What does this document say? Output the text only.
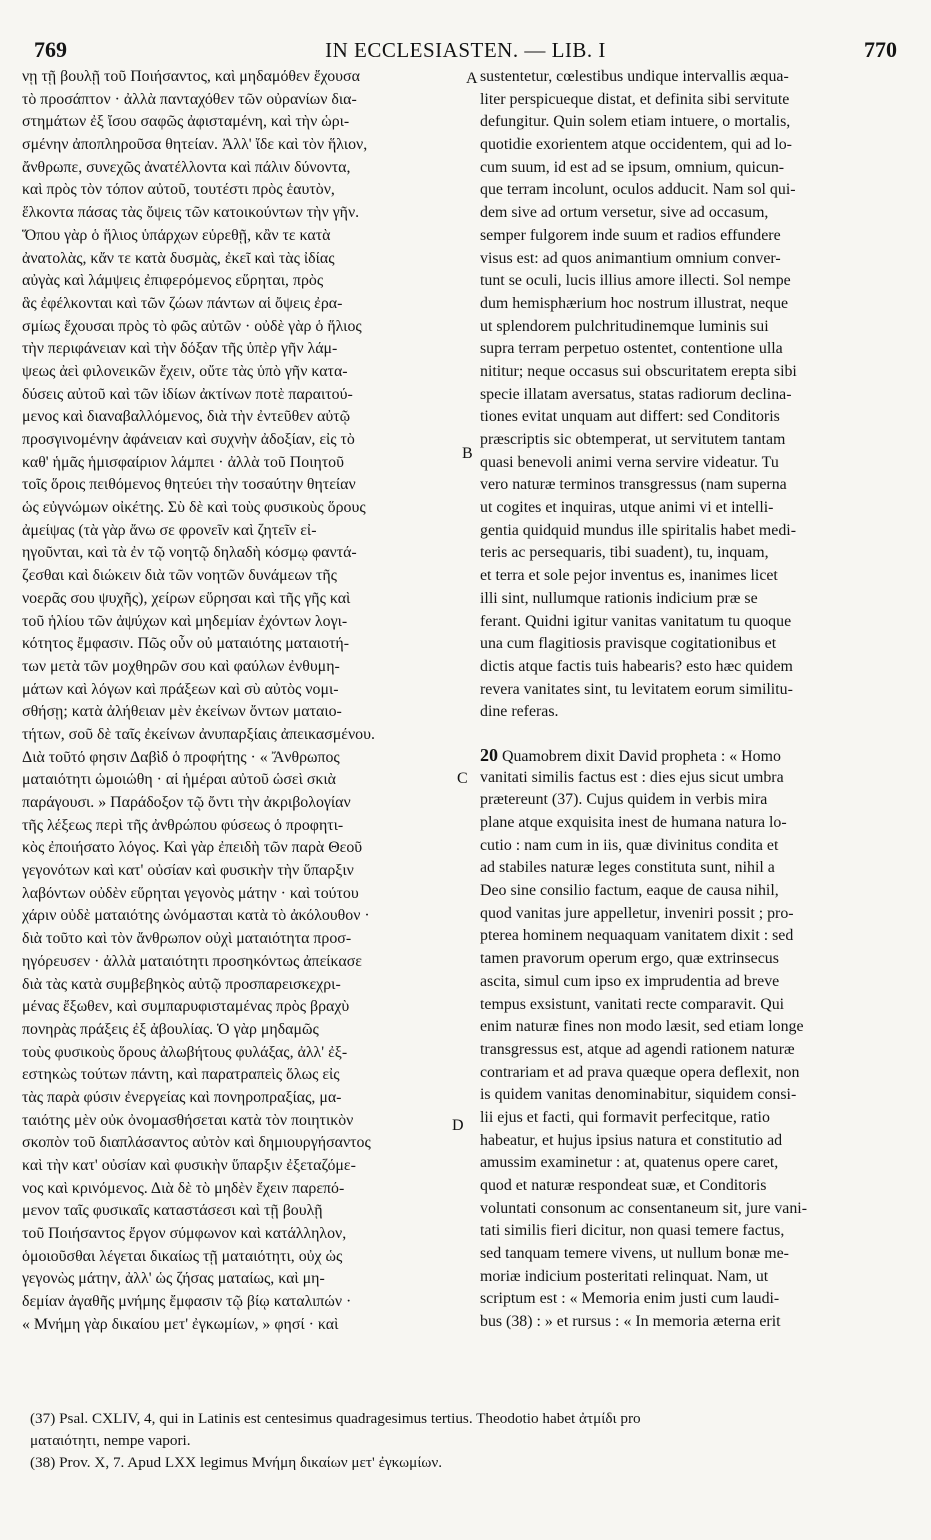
769	IN ECCLESIASTEN. — LIB. I	770
νῃ τῇ βουλῇ τοῦ Ποιήσαντος, καὶ μηδαμόθεν ἔχουσα
τὸ προσάπτον · ἀλλὰ πανταχόθεν τῶν οὐρανίων δια-
στημάτων ἐξ ἴσου σαφῶς ἀφισταμένη, καὶ τὴν ὡρι-
σμένην ἀποπληροῦσα θητείαν. Ἀλλ' ἴδε καὶ τὸν ἥλιον,
ἄνθρωπε, συνεχῶς ἀνατέλλοντα καὶ πάλιν δύνοντα,
καὶ πρὸς τὸν τόπον αὐτοῦ, τουτέστι πρὸς ἑαυτὸν,
ἕλκοντα πάσας τὰς ὄψεις τῶν κατοικούντων τὴν γῆν.
Ὅπου γὰρ ὁ ἥλιος ὑπάρχων εὑρεθῇ, κἂν τε κατὰ
ἀνατολὰς, κἄν τε κατὰ δυσμὰς, ἐκεῖ καὶ τὰς ἰδίας
αὐγὰς καὶ λάμψεις ἐπιφερόμενος εὕρηται, πρὸς
ἃς ἐφέλκονται καὶ τῶν ζώων πάντων αἱ ὄψεις ἐρα-
σμίως ἔχουσαι πρὸς τὸ φῶς αὐτῶν · οὐδὲ γὰρ ὁ ἥλιος
τὴν περιφάνειαν καὶ τὴν δόξαν τῆς ὑπὲρ γῆν λάμ-
ψεως ἀεὶ φιλονεικῶν ἔχειν, οὔτε τὰς ὑπὸ γῆν κατα-
δύσεις αὐτοῦ καὶ τῶν ἰδίων ἀκτίνων ποτὲ παραιτού-
μενος καὶ διαναβαλλόμενος, διὰ τὴν ἐντεῦθεν αὐτῷ
προσγινομένην ἀφάνειαν καὶ συχνὴν ἀδοξίαν, εἰς τὸ
καθ' ἡμᾶς ἡμισφαίριον λάμπει · ἀλλὰ τοῦ Ποιητοῦ
τοῖς ὅροις πειθόμενος θητεύει τὴν τοσαύτην θητείαν
ὡς εὐγνώμων οἰκέτης. Σὺ δὲ καὶ τοὺς φυσικοὺς ὅρους
ἀμείψας (τὰ γὰρ ἄνω σε φρονεῖν καὶ ζητεῖν εἰ-
ηγοῦνται, καὶ τὰ ἐν τῷ νοητῷ δηλαδὴ κόσμῳ φαντά-
ζεσθαι καὶ διώκειν διὰ τῶν νοητῶν δυνάμεων τῆς
νοερᾶς σου ψυχῆς), χείρων εὕρησαι καὶ τῆς γῆς καὶ
τοῦ ἡλίου τῶν ἀψύχων καὶ μηδεμίαν ἐχόντων λογι-
κότητος ἔμφασιν. Πῶς οὖν οὐ ματαιότης ματαιοτή-
των μετὰ τῶν μοχθηρῶν σου καὶ φαύλων ἐνθυμη-
μάτων καὶ λόγων καὶ πράξεων καὶ σὺ αὐτὸς νομι-
σθήσῃ; κατὰ ἀλήθειαν μὲν ἐκείνων ὄντων ματαιο-
τήτων, σοῦ δὲ ταῖς ἐκείνων ἀνυπαρξίαις ἀπεικασμένου.
Διὰ τοῦτό φησιν Δαβὶδ ὁ προφήτης · « Ἄνθρωπος
ματαιότητι ὡμοιώθη · αἱ ἡμέραι αὐτοῦ ὡσεὶ σκιὰ
παράγουσι. » Παράδοξον τῷ ὄντι τὴν ἀκριβολογίαν
τῆς λέξεως περὶ τῆς ἀνθρώπου φύσεως ὁ προφητι-
κὸς ἐποιήσατο λόγος. Καὶ γὰρ ἐπειδὴ τῶν παρὰ Θεοῦ
γεγονότων καὶ κατ' οὐσίαν καὶ φυσικὴν τὴν ὕπαρξιν
λαβόντων οὐδὲν εὕρηται γεγονὸς μάτην · καὶ τούτου
χάριν οὐδὲ ματαιότης ὠνόμασται κατὰ τὸ ἀκόλουθον ·
διὰ τοῦτο καὶ τὸν ἄνθρωπον οὐχὶ ματαιότητα προσ-
ηγόρευσεν · ἀλλὰ ματαιότητι προσηκόντως ἀπείκασε
διὰ τὰς κατὰ συμβεβηκὸς αὐτῷ προσπαρεισκεχρι-
μένας ἔξωθεν, καὶ συμπαρυφισταμένας πρὸς βραχὺ
πονηρὰς πράξεις ἐξ ἀβουλίας. Ὁ γὰρ μηδαμῶς
τοὺς φυσικοὺς ὅρους ἀλωβήτους φυλάξας, ἀλλ' ἐξ-
εστηκὼς τούτων πάντη, καὶ παρατραπεὶς ὅλως εἰς
τὰς παρὰ φύσιν ἐνεργείας καὶ πονηροπραξίας, μα-
ταιότης μὲν οὐκ ὀνομασθήσεται κατὰ τὸν ποιητικὸν
σκοπὸν τοῦ διαπλάσαντος αὐτὸν καὶ δημιουργήσαντος
καὶ τὴν κατ' οὐσίαν καὶ φυσικὴν ὕπαρξιν ἐξεταζόμε-
νος καὶ κρινόμενος. Διὰ δὲ τὸ μηδὲν ἔχειν παρεπό-
μενον ταῖς φυσικαῖς καταστάσεσι καὶ τῇ βουλῇ
τοῦ Ποιήσαντος ἔργον σύμφωνον καὶ κατάλληλον,
ὁμοιοῦσθαι λέγεται δικαίως τῇ ματαιότητι, οὐχ ὡς
γεγονὼς μάτην, ἀλλ' ὡς ζήσας ματαίως, καὶ μη-
δεμίαν ἀγαθῆς μνήμης ἔμφασιν τῷ βίῳ καταλιπών ·
« Μνήμη γὰρ δικαίου μετ' ἐγκωμίων, » φησί · καὶ
sustentetur, cœlestibus undique intervallis æqua-
liter perspicueque distat, et definita sibi servitute
defungitur. Quin solem etiam intuere, o mortalis,
quotidie exorientem atque occidentem, qui ad lo-
cum suum, id est ad se ipsum, omnium, quicun-
que terram incolunt, oculos adducit. Nam sol qui-
dem sive ad ortum versetur, sive ad occasum,
semper fulgorem inde suum et radios effundere
visus est: ad quos animantium omnium conver-
tunt se oculi, lucis illius amore illecti. Sol nempe
dum hemisphærium hoc nostrum illustrat, neque
ut splendorem pulchritudinemque luminis sui
supra terram perpetuo ostentet, contentione ulla
nititur; neque occasus sui obscuritatem erepta sibi
specie illatam aversatus, statas radiorum declina-
tiones evitat unquam aut differt: sed Conditoris
præscriptis sic obtemperat, ut servitutem tantam
quasi benevoli animi verna servire videatur. Tu
vero naturæ terminos transgressus (nam superna
ut cogites et inquiras, utque animi vi et intelli-
gentia quidquid mundus ille spiritalis habet medi-
teris ac persequaris, tibi suadent), tu, inquam,
et terra et sole pejor inventus es, inanimes licet
illi sint, nullumque rationis indicium præ se
ferant. Quidni igitur vanitas vanitatum tu quoque
una cum flagitiosis pravisque cogitationibus et
dictis atque factis tuis habearis? esto hæc quidem
revera vanitates sint, tu levitatem eorum similitu-
dine referas.
20 Quamobrem dixit David propheta : « Homo
vanitati similis factus est : dies ejus sicut umbra
prætereunt (37). Cujus quidem in verbis mira
plane atque exquisita inest de humana natura lo-
cutio : nam cum in iis, quæ divinitus condita et
ad stabiles naturæ leges constituta sunt, nihil a
Deo sine consilio factum, eaque de causa nihil,
quod vanitas jure appelletur, inveniri possit ; pro-
pterea hominem nequaquam vanitatem dixit : sed
tamen pravorum operum ergo, quæ extrinsecus
ascita, simul cum ipso ex imprudentia ad breve
tempus exsistunt, vanitati recte comparavit. Qui
enim naturæ fines non modo læsit, sed etiam longe
transgressus est, atque ad agendi rationem naturæ
contrariam et ad prava quæque opera deflexit, non
is quidem vanitas denominabitur, siquidem consi-
lii ejus et facti, qui formavit perfecitque, ratio
habeatur, et hujus ipsius natura et constitutio ad
amussim examinetur : at, quatenus opere caret,
quod et naturæ respondeat suæ, et Conditoris
voluntati consonum ac consentaneum sit, jure vani-
tati similis fieri dicitur, non quasi temere factus,
sed tanquam temere vivens, ut nullum bonæ me-
moriæ indicium posteritati relinquat. Nam, ut
scriptum est : « Memoria enim justi cum laudi-
bus (38) : » et rursus : « In memoria æterna erit
A
B
C
D
(37) Psal. CXLIV, 4, qui in Latinis est centesimus quadragesimus tertius. Theodotio habet ἀτμίδι pro
ματαιότητι, nempe vapori.
(38) Prov. X, 7. Apud LXX legimus Μνήμη δικαίων μετ' ἐγκωμίων.
